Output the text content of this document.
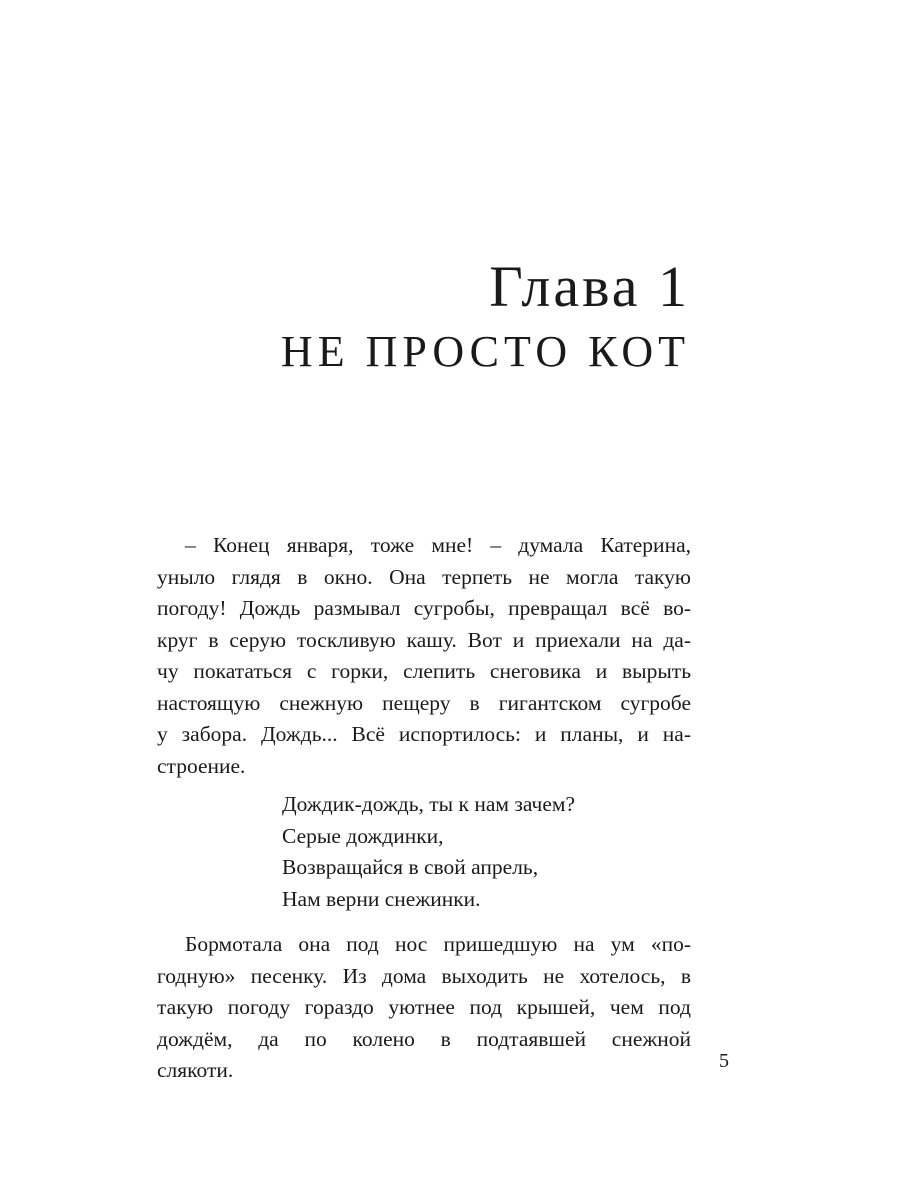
Глава 1
НЕ ПРОСТО КОТ
– Конец января, тоже мне! – думала Катерина,
уныло глядя в окно. Она терпеть не могла такую
погоду! Дождь размывал сугробы, превращал всё во-
круг в серую тоскливую кашу. Вот и приехали на да-
чу покататься с горки, слепить снеговика и вырыть
настоящую снежную пещеру в гигантском сугробе
у забора. Дождь... Всё испортилось: и планы, и на-
строение.
Дождик-дождь, ты к нам зачем?
Серые дождинки,
Возвращайся в свой апрель,
Нам верни снежинки.
Бормотала она под нос пришедшую на ум «по-
годную» песенку. Из дома выходить не хотелось, в
такую погоду гораздо уютнее под крышей, чем под
дождём, да по колено в подтаявшей снежной
слякоти.	5
